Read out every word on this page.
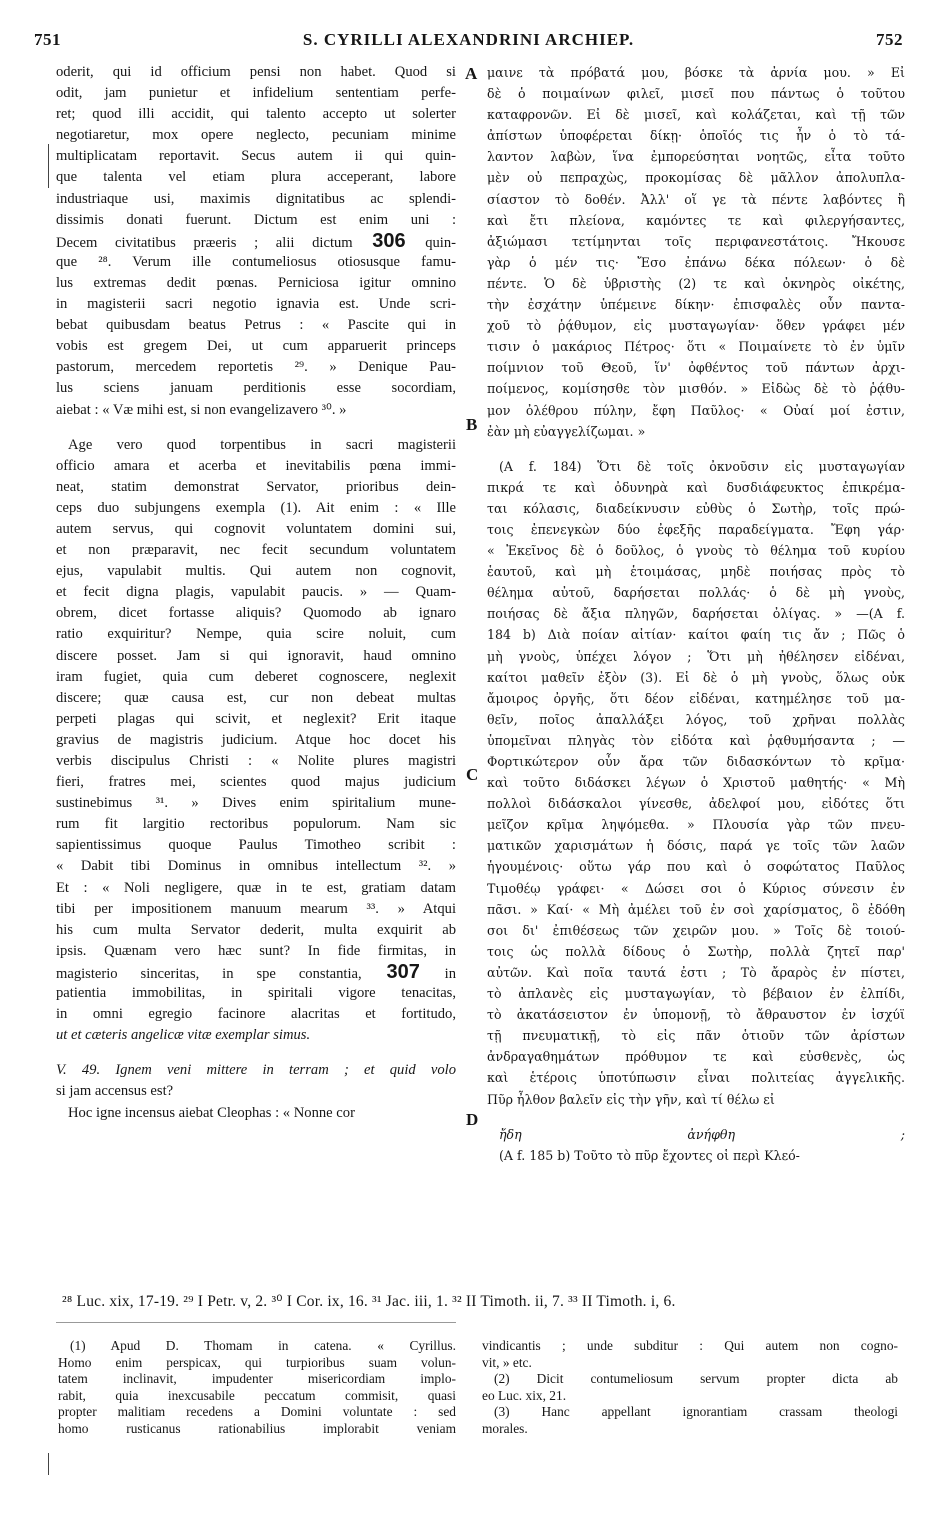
751	S. CYRILLI ALEXANDRINI ARCHIEP.	752
oderit, qui id officium pensi non habet. Quod si
odit, jam punietur et infidelium sententiam perfe-
ret; quod illi accidit, qui talento accepto ut solerter
negotiaretur, mox opere neglecto, pecuniam minime
multiplicatam reportavit. Secus autem ii qui quin-
que talenta vel etiam plura acceperant, labore
industriaque usi, maximis dignitatibus ac splendi-
dissimis donati fuerunt. Dictum est enim uni :
Decem civitatibus præeris ; alii dictum 306 quin-
que ²⁸. Verum ille contumeliosus otiosusque famu-
lus extremas dedit pœnas. Perniciosa igitur omnino
in magisterii sacri negotio ignavia est. Unde scri-
bebat quibusdam beatus Petrus : « Pascite qui in
vobis est gregem Dei, ut cum apparuerit princeps
pastorum, mercedem reportetis ²⁹. » Denique Pau-
lus sciens januam perditionis esse socordiam,
aiebat : « Væ mihi est, si non evangelizavero ³⁰. »
Age vero quod torpentibus in sacri magisterii
officio amara et acerba et inevitabilis pœna immi-
neat, statim demonstrat Servator, prioribus dein-
ceps duo subjungens exempla (1). Ait enim : « Ille
autem servus, qui cognovit voluntatem domini sui,
et non præparavit, nec fecit secundum voluntatem
ejus, vapulabit multis. Qui autem non cognovit,
et fecit digna plagis, vapulabit paucis. » — Quam-
obrem, dicet fortasse aliquis? Quomodo ab ignaro
ratio exquiritur? Nempe, quia scire noluit, cum
discere posset. Jam si qui ignoravit, haud omnino
iram fugiet, quia cum deberet cognoscere, neglexit
discere; quæ causa est, cur non debeat multas
perpeti plagas qui scivit, et neglexit? Erit itaque
gravius de magistris judicium. Atque hoc docet his
verbis discipulus Christi : « Nolite plures magistri
fieri, fratres mei, scientes quod majus judicium
sustinebimus ³¹. » Dives enim spiritalium mune-
rum fit largitio rectoribus populorum. Nam sic
sapientissimus quoque Paulus Timotheo scribit :
« Dabit tibi Dominus in omnibus intellectum ³². »
Et : « Noli negligere, quæ in te est, gratiam datam
tibi per impositionem manuum mearum ³³. » Atqui
his cum multa Servator dederit, multa exquirit ab
ipsis. Quænam vero hæc sunt? In fide firmitas, in
magisterio sinceritas, in spe constantia, 307 in
patientia immobilitas, in spiritali vigore tenacitas,
in omni egregio facinore alacritas et fortitudo,
ut et cæteris angelicæ vitæ exemplar simus.
V. 49. Ignem veni mittere in terram ; et quid volo
si jam accensus est?
Hoc igne incensus aiebat Cleophas : « Nonne cor
μαινε τὰ πρόβατά μου, βόσκε τὰ ἀρνία μου. » Εἰ
δὲ ὁ ποιμαίνων φιλεῖ, μισεῖ που πάντως ὁ τοῦτου
καταφρονῶν. Εἰ δὲ μισεῖ, καὶ κολάζεται, καὶ τῇ τῶν
ἀπίστων ὑποφέρεται δίκῃ· ὁποῖός τις ἦν ὁ τὸ τά-
λαντον λαβὼν, ἵνα ἐμπορεύσηται νοητῶς, εἶτα τοῦτο
μὲν οὐ πεπραχὼς, προκομίσας δὲ μᾶλλον ἀπολυπλα-
σίαστον τὸ δοθέν. Ἀλλ' οἵ γε τὰ πέντε λαβόντες ἢ
καὶ ἔτι πλείονα, καμόντες τε καὶ φιλεργήσαντες,
ἀξιώμασι τετίμηνται τοῖς περιφανεστάτοις. Ἤκουσε
γὰρ ὁ μέν τις· Ἔσο ἐπάνω δέκα πόλεων· ὁ δὲ
πέντε. Ὁ δὲ ὑβριστὴς (2) τε καὶ ὀκνηρὸς οἰκέτης,
τὴν ἐσχάτην ὑπέμεινε δίκην· ἐπισφαλὲς οὖν παντα-
χοῦ τὸ ῥᾴθυμον, εἰς μυσταγωγίαν· ὅθεν γράφει μέν
τισιν ὁ μακάριος Πέτρος· ὅτι « Ποιμαίνετε τὸ ἐν ὑμῖν
ποίμνιον τοῦ Θεοῦ, ἵν' ὀφθέντος τοῦ πάντων ἀρχι-
ποίμενος, κομίσησθε τὸν μισθόν. » Εἰδὼς δὲ τὸ ῥᾴθυ-
μον ὀλέθρου πύλην, ἔφη Παῦλος· « Οὐαί μοί ἐστιν,
ἐὰν μὴ εὐαγγελίζωμαι. »
(A f. 184) Ὅτι δὲ τοῖς ὀκνοῦσιν εἰς μυσταγωγίαν
πικρά τε καὶ ὀδυνηρὰ καὶ δυσδιάφευκτος ἐπικρέμα-
ται κόλασις, διαδείκνυσιν εὐθὺς ὁ Σωτὴρ, τοῖς πρώ-
τοις ἐπενεγκὼν δύο ἐφεξῆς παραδείγματα. Ἔφη γάρ·
« Ἐκεῖνος δὲ ὁ δοῦλος, ὁ γνοὺς τὸ θέλημα τοῦ κυρίου
ἑαυτοῦ, καὶ μὴ ἑτοιμάσας, μηδὲ ποιήσας πρὸς τὸ
θέλημα αὐτοῦ, δαρήσεται πολλάς· ὁ δὲ μὴ γνοὺς,
ποιήσας δὲ ἄξια πληγῶν, δαρήσεται ὀλίγας. » —(A f.
184 b) Διὰ ποίαν αἰτίαν· καίτοι φαίη τις ἄν ; Πῶς ὁ
μὴ γνοὺς, ὑπέχει λόγον ; Ὅτι μὴ ἠθέλησεν εἰδέναι,
καίτοι μαθεῖν ἐξὸν (3). Εἰ δὲ ὁ μὴ γνοὺς, ὅλως οὐκ
ἄμοιρος ὀργῆς, ὅτι δέον εἰδέναι, κατημέλησε τοῦ μα-
θεῖν, ποῖος ἀπαλλάξει λόγος, τοῦ χρῆναι πολλὰς
ὑπομεῖναι πληγὰς τὸν εἰδότα καὶ ῥᾳθυμήσαντα ; —
Φορτικώτερον οὖν ἄρα τῶν διδασκόντων τὸ κρῖμα·
καὶ τοῦτο διδάσκει λέγων ὁ Χριστοῦ μαθητής· « Μὴ
πολλοὶ διδάσκαλοι γίνεσθε, ἀδελφοί μου, εἰδότες ὅτι
μεῖζον κρῖμα ληψόμεθα. » Πλουσία γὰρ τῶν πνευ-
ματικῶν χαρισμάτων ἡ δόσις, παρά γε τοῖς τῶν λαῶν
ἡγουμένοις· οὕτω γάρ που καὶ ὁ σοφώτατος Παῦλος
Τιμοθέῳ γράφει· « Δώσει σοι ὁ Κύριος σύνεσιν ἐν
πᾶσι. » Καί· « Μὴ ἀμέλει τοῦ ἐν σοὶ χαρίσματος, ὃ ἐδόθη
σοι δι' ἐπιθέσεως τῶν χειρῶν μου. » Τοῖς δὲ τοιού-
τοις ὡς πολλὰ δίδους ὁ Σωτὴρ, πολλὰ ζητεῖ παρ'
αὐτῶν. Καὶ ποῖα ταυτά ἐστι ; Τὸ ἄραρὸς ἐν πίστει,
τὸ ἀπλανὲς εἰς μυσταγωγίαν, τὸ βέβαιον ἐν ἐλπίδι,
τὸ ἀκατάσειστον ἐν ὑπομονῇ, τὸ ἄθραυστον ἐν ἰσχύϊ
τῇ πνευματικῇ, τὸ εἰς πᾶν ὁτιοῦν τῶν ἀρίστων
ἀνδραγαθημάτων πρόθυμον τε καὶ εὐσθενὲς, ὡς
καὶ ἑτέροις ὑποτύπωσιν εἶναι πολιτείας ἀγγελικῆς.
Πῦρ ἦλθον βαλεῖν εἰς τὴν γῆν, καὶ τί θέλω εἰ
ἤδη ἀνήφθη ;
(A f. 185 b) Τοῦτο τὸ πῦρ ἔχοντες οἱ περὶ Κλεό-
A
B
C
D
²⁸ Luc. xix, 17-19. ²⁹ I Petr. v, 2. ³⁰ I Cor. ix, 16. ³¹ Jac. iii, 1. ³² II Timoth. ii, 7. ³³ II Timoth. i, 6.
(1) Apud D. Thomam in catena. « Cyrillus.
Homo enim perspicax, qui turpioribus suam volun-
tatem inclinavit, impudenter misericordiam implo-
rabit, quia inexcusabile peccatum commisit, quasi
propter malitiam recedens a Domini voluntate : sed
homo rusticanus rationabilius implorabit veniam
vindicantis ; unde subditur : Qui autem non cogno-
vit, » etc.
(2) Dicit contumeliosum servum propter dicta ab
eo Luc. xix, 21.
(3) Hanc appellant ignorantiam crassam theologi
morales.
